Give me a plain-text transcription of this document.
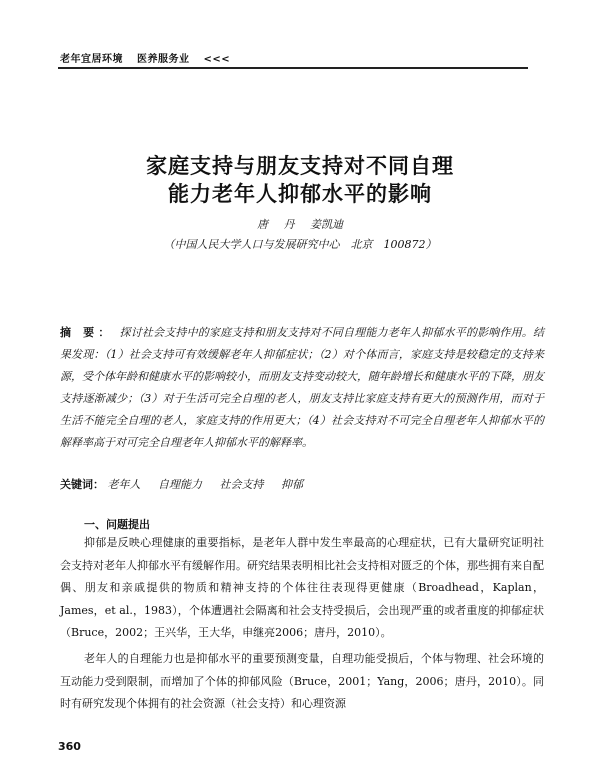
老年宜居环境 医养服务业 <<<
家庭支持与朋友支持对不同自理
能力老年人抑郁水平的影响
唐 丹 姜凯迪
（中国人民大学人口与发展研究中心　北京　100872）
摘 要： 探讨社会支持中的家庭支持和朋友支持对不同自理能力老年人抑郁水平的影响作用。结果发现：（1）社会支持可有效缓解老年人抑郁症状；（2）对个体而言，家庭支持是较稳定的支持来源，受个体年龄和健康水平的影响较小，而朋友支持变动较大，随年龄增长和健康水平的下降，朋友支持逐渐减少；（3）对于生活可完全自理的老人，朋友支持比家庭支持有更大的预测作用，而对于生活不能完全自理的老人，家庭支持的作用更大；（4）社会支持对不可完全自理老年人抑郁水平的解释率高于对可完全自理老年人抑郁水平的解释率。
关键词： 老年人 自理能力 社会支持 抑郁
一、问题提出
抑郁是反映心理健康的重要指标，是老年人群中发生率最高的心理症状，已有大量研究证明社会支持对老年人抑郁水平有缓解作用。研究结果表明相比社会支持相对匮乏的个体，那些拥有来自配偶、朋友和亲戚提供的物质和精神支持的个体往往表现得更健康（Broadhead，Kaplan，James，et al.，1983），个体遭遇社会隔离和社会支持受损后，会出现严重的或者重度的抑郁症状（Bruce，2002；王兴华，王大华，申继亮2006；唐丹，2010）。
老年人的自理能力也是抑郁水平的重要预测变量，自理功能受损后，个体与物理、社会环境的互动能力受到限制，而增加了个体的抑郁风险（Bruce，2001；Yang，2006；唐丹，2010）。同时有研究发现个体拥有的社会资源（社会支持）和心理资源
360
